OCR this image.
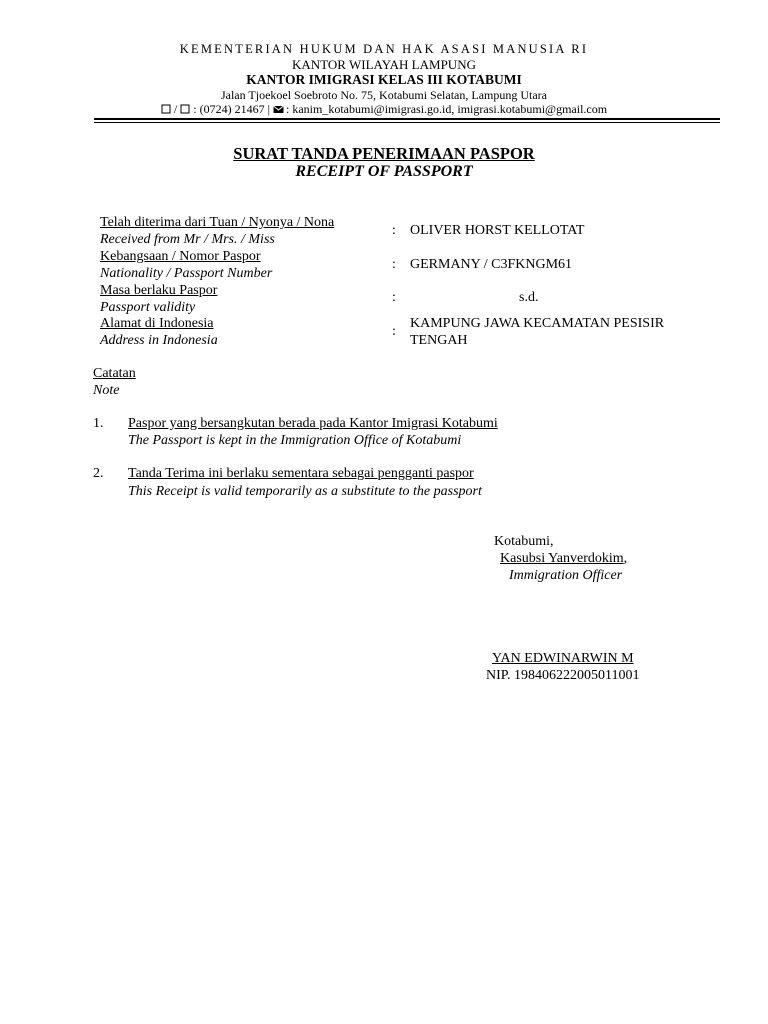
KEMENTERIAN HUKUM DAN HAK ASASI MANUSIA RI
KANTOR WILAYAH LAMPUNG
KANTOR IMIGRASI KELAS III KOTABUMI
Jalan Tjoekoel Soebroto No. 75, Kotabumi Selatan, Lampung Utara
/  : (0724) 21467 |  : kanim_kotabumi@imigrasi.go.id, imigrasi.kotabumi@gmail.com
SURAT TANDA PENERIMAAN PASPOR
RECEIPT OF PASSPORT
Telah diterima dari Tuan / Nyonya / Nona
Received from Mr / Mrs. / Miss
: OLIVER HORST KELLOTAT
Kebangsaan / Nomor Paspor
Nationality / Passport Number
: GERMANY / C3FKNGM61
Masa berlaku Paspor
Passport validity
:	s.d.
Alamat di Indonesia
Address in Indonesia
:
KAMPUNG JAWA KECAMATAN PESISIR
TENGAH
Catatan
Note
1. Paspor yang bersangkutan berada pada Kantor Imigrasi Kotabumi
The Passport is kept in the Immigration Office of Kotabumi
2. Tanda Terima ini berlaku sementara sebagai pengganti paspor
This Receipt is valid temporarily as a substitute to the passport
Kotabumi,
Kasubsi Yanverdokim,
Immigration Officer
YAN EDWINARWIN M
NIP. 198406222005011001
